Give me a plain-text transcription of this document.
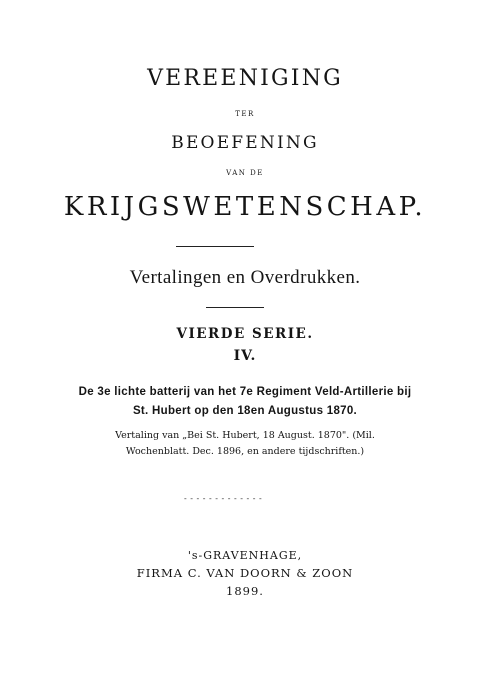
VEREENIGING
TER
BEOEFENING
VAN DE
KRIJGSWETENSCHAP.
Vertalingen en Overdrukken.
VIERDE SERIE.
IV.
De 3e lichte batterij van het 7e Regiment Veld-Artillerie bij
St. Hubert op den 18en Augustus 1870.
Vertaling van „Bei St. Hubert, 18 August. 1870". (Mil.
Wochenblatt. Dec. 1896, en andere tijdschriften.)
- - - - - - - - - - - - -
's-GRAVENHAGE,
FIRMA C. VAN DOORN & ZOON
1899.
